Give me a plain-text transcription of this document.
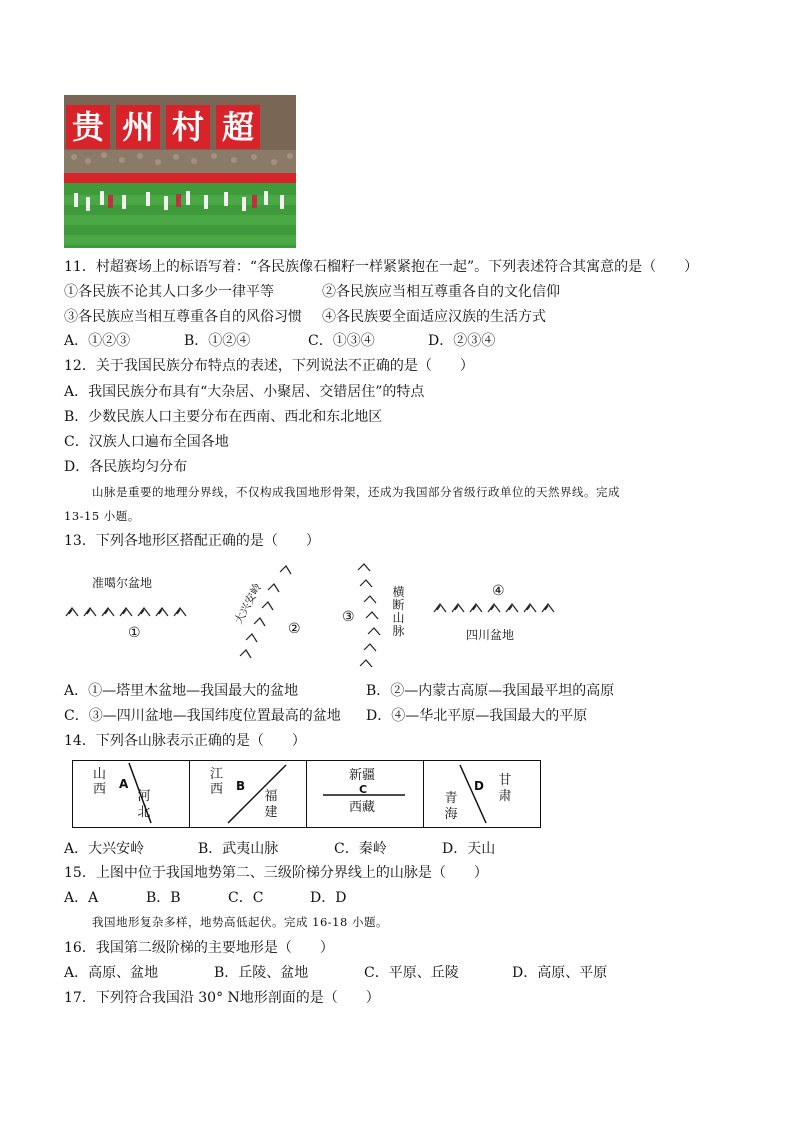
贵 州 村 超
11．村超赛场上的标语写着：“各民族像石榴籽一样紧紧抱在一起”。下列表述符合其寓意的是（　　）
①各民族不论其人口多少一律平等	②各民族应当相互尊重各自的文化信仰
③各民族应当相互尊重各自的风俗习惯 ④各民族要全面适应汉族的生活方式
A．①②③	B．①②④	C．①③④	D．②③④
12．关于我国民族分布特点的表述，下列说法不正确的是（　　）
A．我国民族分布具有“大杂居、小聚居、交错居住”的特点
B．少数民族人口主要分布在西南、西北和东北地区
C．汉族人口遍布全国各地
D．各民族均匀分布
山脉是重要的地理分界线，不仅构成我国地形骨架，还成为我国部分省级行政单位的天然界线。完成
13-15 小题。
13．下列各地形区搭配正确的是（　　）
准噶尔盆地
①
大兴安岭
②
③
横断山脉
④
四川盆地
A．①—塔里木盆地—我国最大的盆地	B．②—内蒙古高原—我国最平坦的高原
C．③—四川盆地—我国纬度位置最高的盆地 D．④—华北平原—我国最大的平原
14．下列各山脉表示正确的是（　　）
A
山西 河北
B
江西	福建
新疆
C
西藏
D
青海
甘肃
A．大兴安岭	B．武夷山脉	C．秦岭	D．天山
15．上图中位于我国地势第二、三级阶梯分界线上的山脉是（　　）
A．A	B．B	C．C	D．D
我国地形复杂多样，地势高低起伏。完成 16-18 小题。
16．我国第二级阶梯的主要地形是（　　）
A．高原、盆地	B．丘陵、盆地	C．平原、丘陵	D．高原、平原
17．下列符合我国沿 30° N地形剖面的是（　　）
